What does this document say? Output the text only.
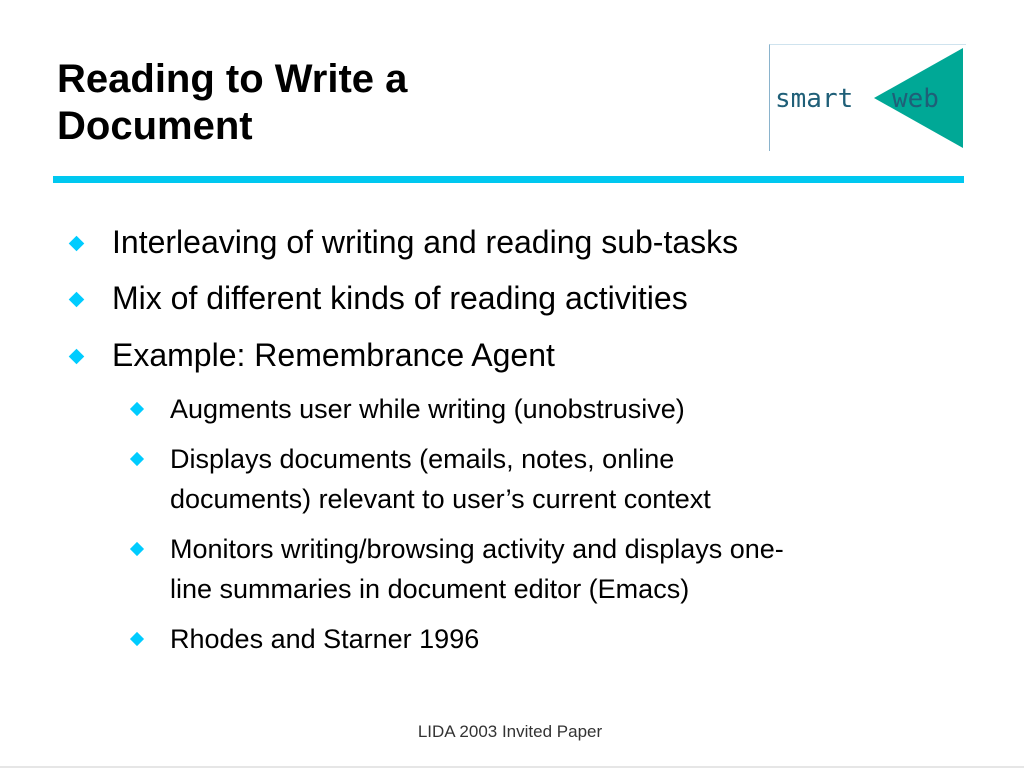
Reading to Write a
Document
smart web
Interleaving of writing and reading sub-tasks
Mix of different kinds of reading activities
Example: Remembrance Agent
Augments user while writing (unobstrusive)
Displays documents (emails, notes, online
documents) relevant to user’s current context
Monitors writing/browsing activity and displays one-
line summaries in document editor (Emacs)
Rhodes and Starner 1996
LIDA 2003 Invited Paper
